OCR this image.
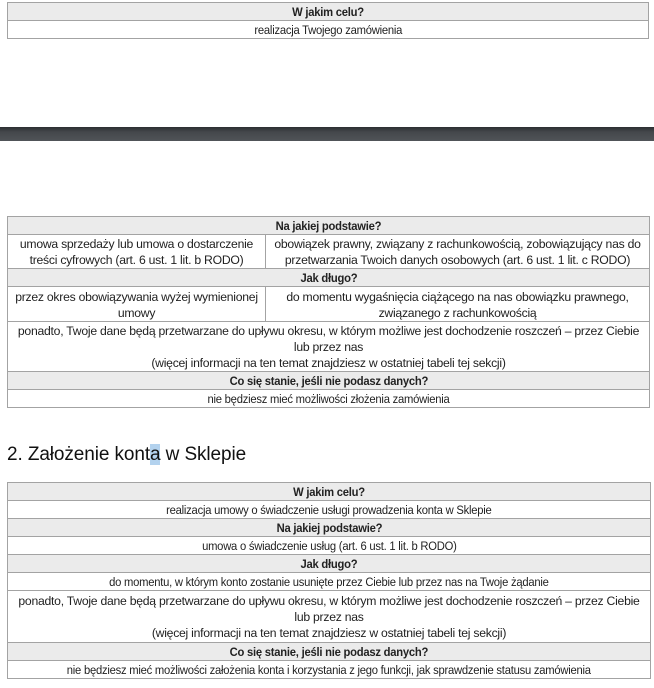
W jakim celu?
realizacja Twojego zamówienia
Na jakiej podstawie?	
umowa sprzedaży lub umowa o dostarczenie treści cyfrowych (art. 6 ust. 1 lit. b RODO)	obowiązek prawny, związany z rachunkowością, zobowiązujący nas do przetwarzania Twoich danych osobowych (art. 6 ust. 1 lit. c RODO)
Jak długo?	
przez okres obowiązywania wyżej wymienionej umowy	do momentu wygaśnięcia ciążącego na nas obowiązku prawnego, związanego z rachunkowością

ponadto, Twoje dane będą przetwarzane do upływu okresu, w którym możliwe jest dochodzenie roszczeń – przez Ciebie lub przez nas
(więcej informacji na ten temat znajdziesz w ostatniej tabeli tej sekcji)	

Co się stanie, jeśli nie podasz danych?	
nie będziesz mieć możliwości złożenia zamówienia	
2. Założenie konta w Sklepie
W jakim celu?
realizacja umowy o świadczenie usługi prowadzenia konta w Sklepie
Na jakiej podstawie?
umowa o świadczenie usług (art. 6 ust. 1 lit. b RODO)
Jak długo?
do momentu, w którym konto zostanie usunięte przez Ciebie lub przez nas na Twoje żądanie

ponadto, Twoje dane będą przetwarzane do upływu okresu, w którym możliwe jest dochodzenie roszczeń – przez Ciebie lub przez nas
(więcej informacji na ten temat znajdziesz w ostatniej tabeli tej sekcji)

Co się stanie, jeśli nie podasz danych?
nie będziesz mieć możliwości założenia konta i korzystania z jego funkcji, jak sprawdzenie statusu zamówienia
